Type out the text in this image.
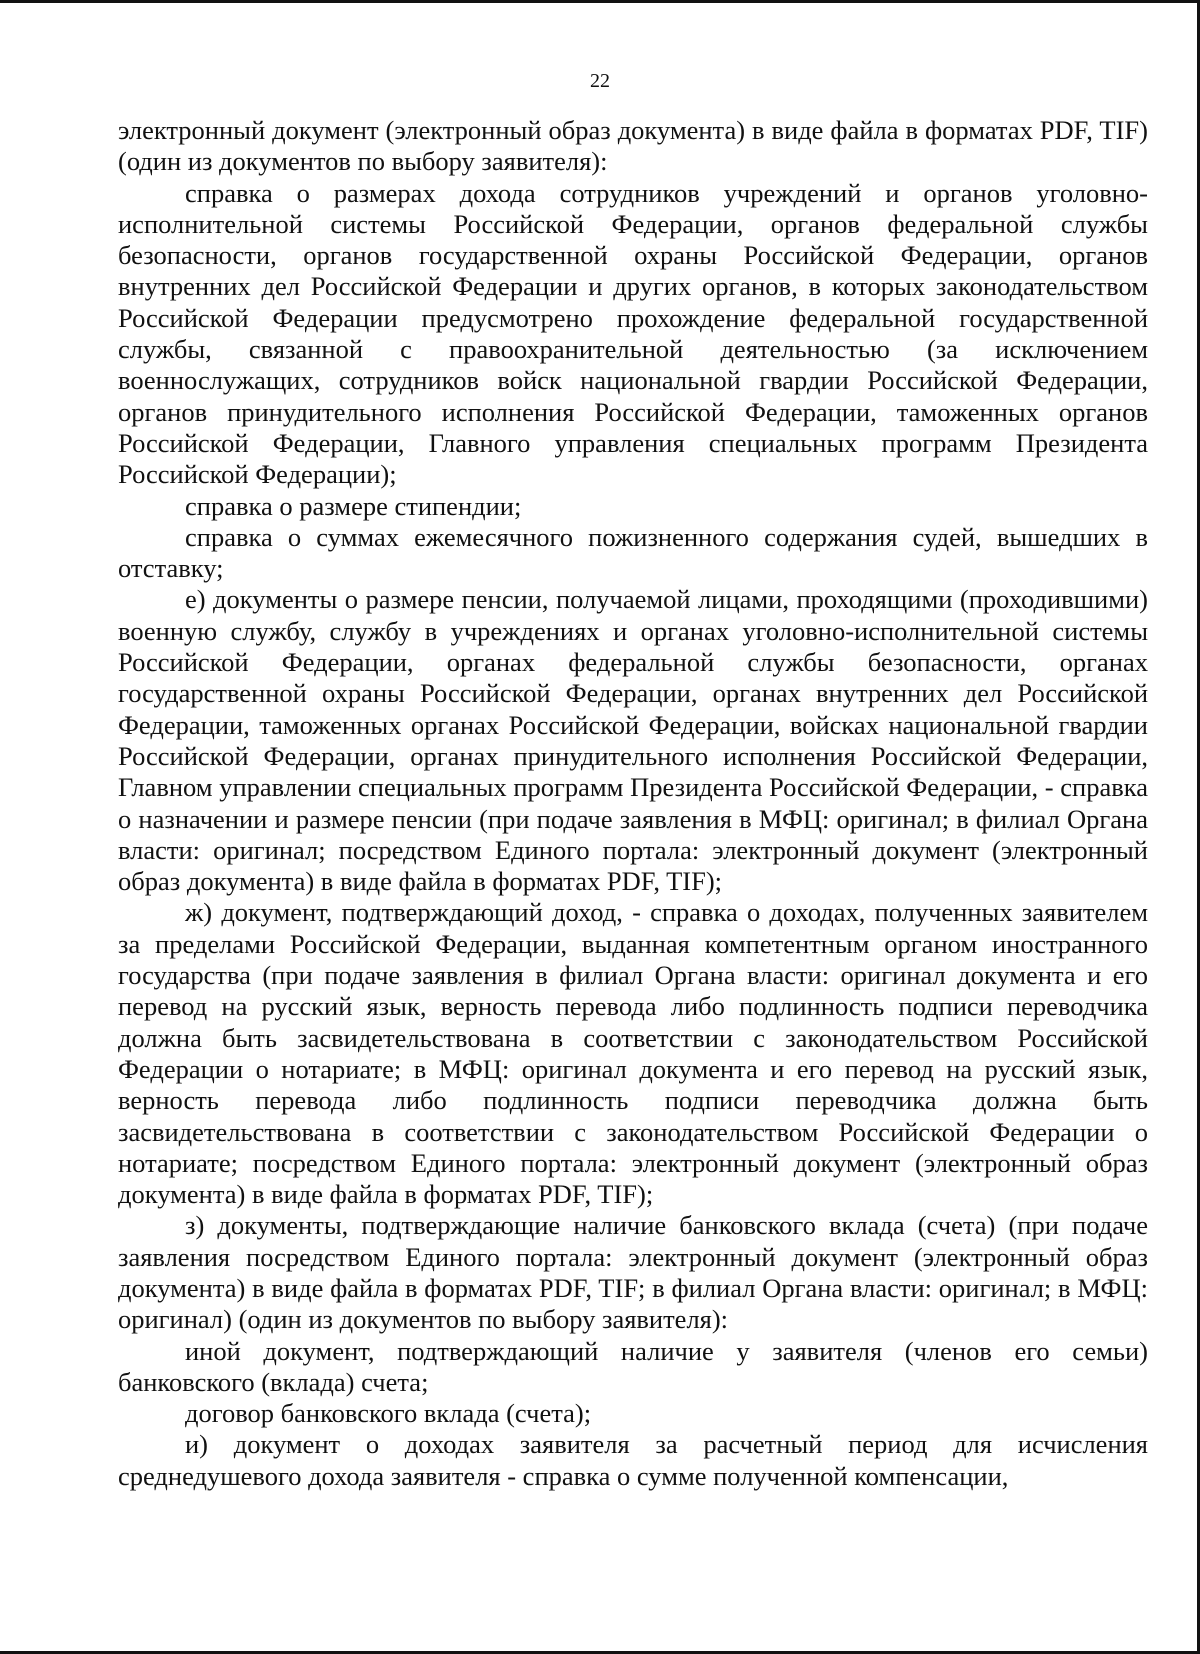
22

электронный документ (электронный образ документа) в виде файла в форматах PDF, TIF) (один из документов по выбору заявителя):

справка о размерах дохода сотрудников учреждений и органов уголовно-исполнительной системы Российской Федерации, органов федеральной службы безопасности, органов государственной охраны Российской Федерации, органов внутренних дел Российской Федерации и других органов, в которых законодательством Российской Федерации предусмотрено прохождение федеральной государственной службы, связанной с правоохранительной деятельностью (за исключением военнослужащих, сотрудников войск национальной гвардии Российской Федерации, органов принудительного исполнения Российской Федерации, таможенных органов Российской Федерации, Главного управления специальных программ Президента Российской Федерации);

справка о размере стипендии;

справка о суммах ежемесячного пожизненного содержания судей, вышедших в отставку;

е) документы о размере пенсии, получаемой лицами, проходящими (проходившими) военную службу, службу в учреждениях и органах уголовно-исполнительной системы Российской Федерации, органах федеральной службы безопасности, органах государственной охраны Российской Федерации, органах внутренних дел Российской Федерации, таможенных органах Российской Федерации, войсках национальной гвардии Российской Федерации, органах принудительного исполнения Российской Федерации, Главном управлении специальных программ Президента Российской Федерации, - справка о назначении и размере пенсии (при подаче заявления в МФЦ: оригинал; в филиал Органа власти: оригинал; посредством Единого портала: электронный документ (электронный образ документа) в виде файла в форматах PDF, TIF);

ж) документ, подтверждающий доход, - справка о доходах, полученных заявителем за пределами Российской Федерации, выданная компетентным органом иностранного государства (при подаче заявления в филиал Органа власти: оригинал документа и его перевод на русский язык, верность перевода либо подлинность подписи переводчика должна быть засвидетельствована в соответствии с законодательством Российской Федерации о нотариате; в МФЦ: оригинал документа и его перевод на русский язык, верность перевода либо подлинность подписи переводчика должна быть засвидетельствована в соответствии с законодательством Российской Федерации о нотариате; посредством Единого портала: электронный документ (электронный образ документа) в виде файла в форматах PDF, TIF);

з) документы, подтверждающие наличие банковского вклада (счета) (при подаче заявления посредством Единого портала: электронный документ (электронный образ документа) в виде файла в форматах PDF, TIF; в филиал Органа власти: оригинал; в МФЦ: оригинал) (один из документов по выбору заявителя):

иной документ, подтверждающий наличие у заявителя (членов его семьи) банковского (вклада) счета;

договор банковского вклада (счета);

и) документ о доходах заявителя за расчетный период для исчисления среднедушевого дохода заявителя - справка о сумме полученной компенсации,
